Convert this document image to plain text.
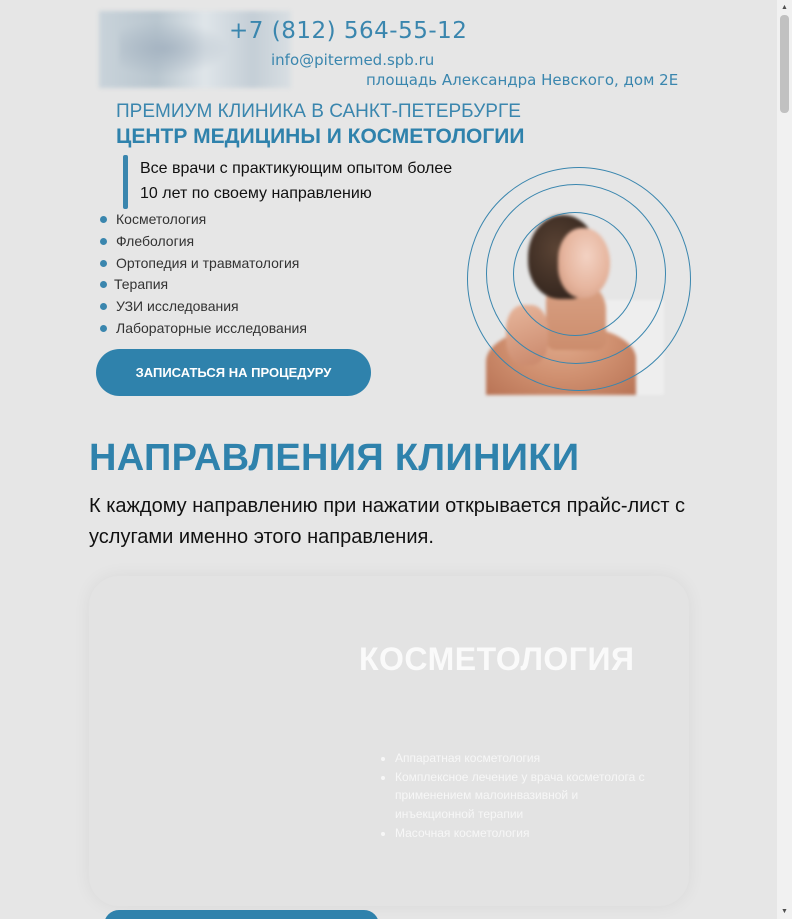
+7 (812) 564-55-12
info@pitermed.spb.ru
площадь Александра Невского, дом 2Е
ПРЕМИУМ КЛИНИКА В САНКТ-ПЕТЕРБУРГЕ
ЦЕНТР МЕДИЦИНЫ И КОСМЕТОЛОГИИ

Все врачи с практикующим опытом более 10 лет по своему направлению

Косметология
Флебология
Ортопедия и травматология
Терапия
УЗИ исследования
Лабораторные исследования
ЗАПИСАТЬСЯ НА ПРОЦЕДУРУ
НАПРАВЛЕНИЯ КЛИНИКИ

К каждому направлению при нажатии открывается прайс-лист с услугами именно этого направления.

КОСМЕТОЛОГИЯ
• Аппаратная косметология
• Комплексное лечение у врача косметолога с применением малоинвазивной и инъекционной терапии
• Масочная косметология
▲
▼
